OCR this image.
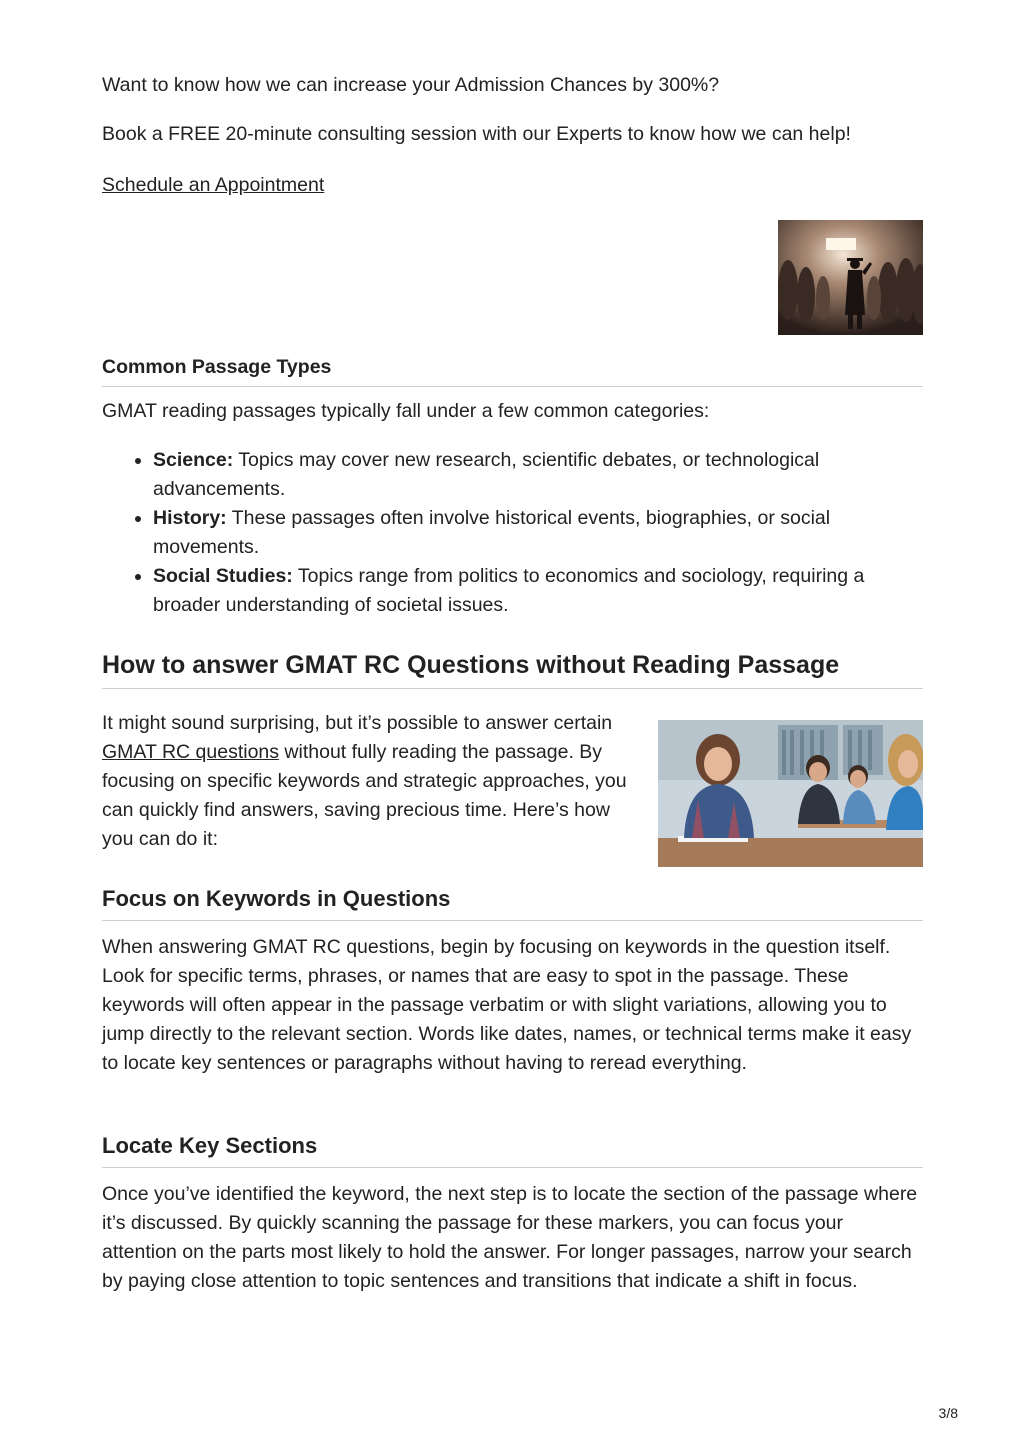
Want to know how we can increase your Admission Chances by 300%?

Book a FREE 20-minute consulting session with our Experts to know how we can help!

Schedule an Appointment

Common Passage Types

GMAT reading passages typically fall under a few common categories:

• Science: Topics may cover new research, scientific debates, or technological advancements.
• History: These passages often involve historical events, biographies, or social movements.
• Social Studies: Topics range from politics to economics and sociology, requiring a broader understanding of societal issues.
How to answer GMAT RC Questions without Reading Passage

It might sound surprising, but it’s possible to answer certain GMAT RC questions without fully reading the passage. By focusing on specific keywords and strategic approaches, you can quickly find answers, saving precious time. Here’s how you can do it:

Focus on Keywords in Questions

When answering GMAT RC questions, begin by focusing on keywords in the question itself. Look for specific terms, phrases, or names that are easy to spot in the passage. These keywords will often appear in the passage verbatim or with slight variations, allowing you to jump directly to the relevant section. Words like dates, names, or technical terms make it easy to locate key sentences or paragraphs without having to reread everything.

Locate Key Sections

Once you’ve identified the keyword, the next step is to locate the section of the passage where it’s discussed. By quickly scanning the passage for these markers, you can focus your attention on the parts most likely to hold the answer. For longer passages, narrow your search by paying close attention to topic sentences and transitions that indicate a shift in focus.

3/8
